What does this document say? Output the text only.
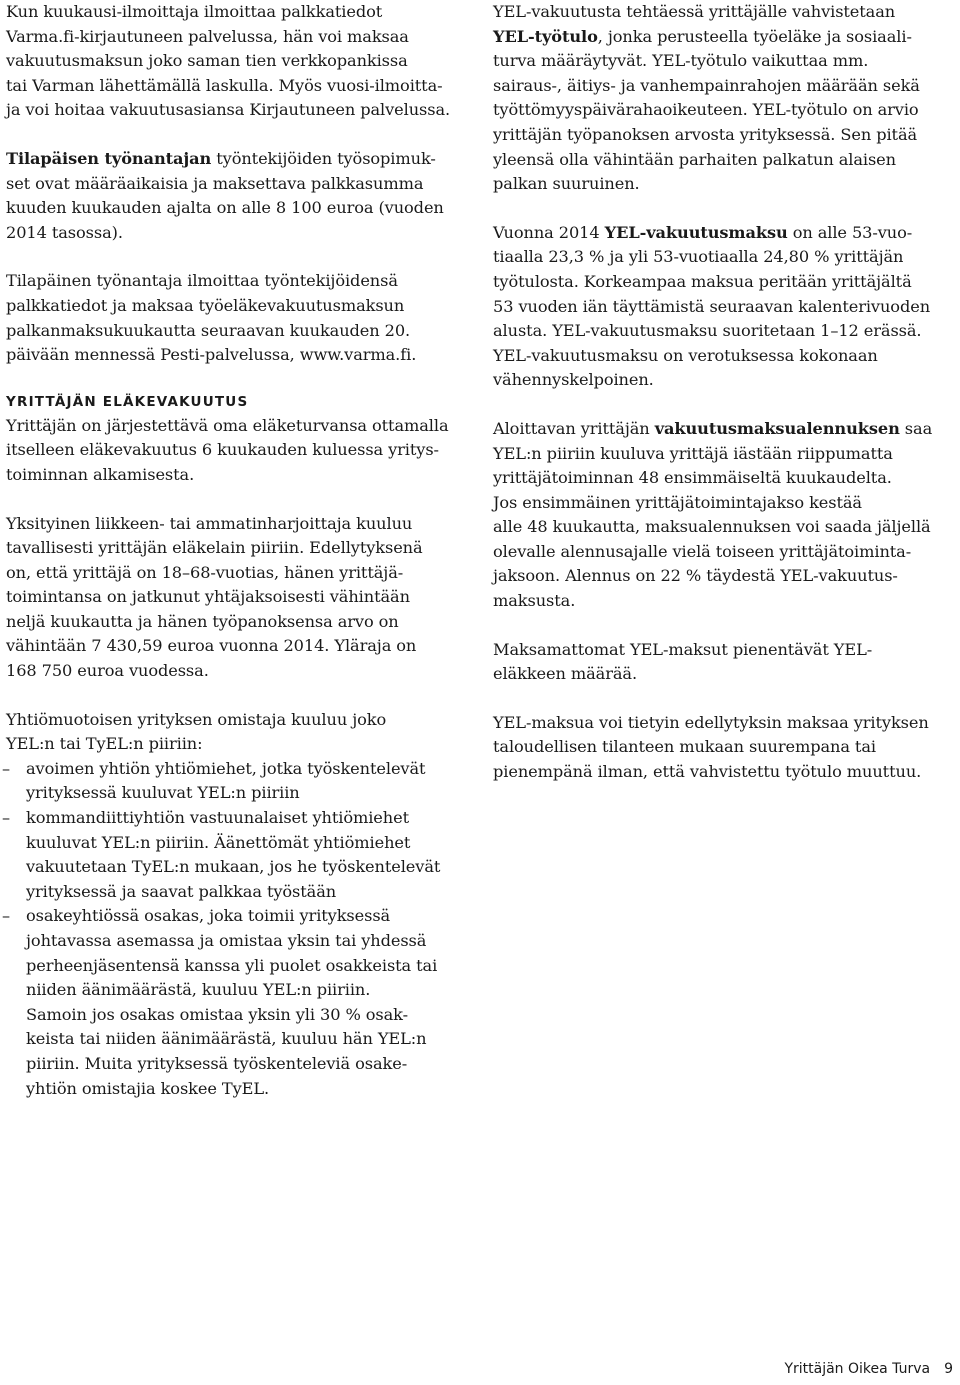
Kun kuukausi-ilmoittaja ilmoittaa palkkatiedot
Varma.fi-kirjautuneen palvelussa, hän voi maksaa
vakuutusmaksun joko saman tien verkkopankissa
tai Varman lähettämällä laskulla. Myös vuosi-ilmoitta-
ja voi hoitaa vakuutusasiansa Kirjautuneen palvelussa.

Tilapäisen työnantajan työntekijöiden työsopimuk-
set ovat määräaikaisia ja maksettava palkkasumma
kuuden kuukauden ajalta on alle 8 100 euroa (vuoden
2014 tasossa).

Tilapäinen työnantaja ilmoittaa työntekijöidensä
palkkatiedot ja maksaa työeläkevakuutusmaksun
palkanmaksukuukautta seuraavan kuukauden 20.
päivään mennessä Pesti-palvelussa, www.varma.fi.

YRITTÄJÄN ELÄKEVAKUUTUS

Yrittäjän on järjestettävä oma eläketurvansa ottamalla
itselleen eläkevakuutus 6 kuukauden kuluessa yritys-
toiminnan alkamisesta.

Yksityinen liikkeen- tai ammatinharjoittaja kuuluu
tavallisesti yrittäjän eläkelain piiriin. Edellytyksenä
on, että yrittäjä on 18–68-vuotias, hänen yrittäjä-
toimintansa on jatkunut yhtäjaksoisesti vähintään
neljä kuukautta ja hänen työpanoksensa arvo on
vähintään 7 430,59 euroa vuonna 2014. Yläraja on
168 750 euroa vuodessa.

Yhtiömuotoisen yrityksen omistaja kuuluu joko
YEL:n tai TyEL:n piiriin:
– avoimen yhtiön yhtiömiehet, jotka työskentelevät
yrityksessä kuuluvat YEL:n piiriin
– kommandiittiyhtiön vastuunalaiset yhtiömiehet
kuuluvat YEL:n piiriin. Äänettömät yhtiömiehet
vakuutetaan TyEL:n mukaan, jos he työskentelevät
yrityksessä ja saavat palkkaa työstään
– osakeyhtiössä osakas, joka toimii yrityksessä
johtavassa asemassa ja omistaa yksin tai yhdessä
perheenjäsentensä kanssa yli puolet osakkeista tai
niiden äänimäärästä, kuuluu YEL:n piiriin.
Samoin jos osakas omistaa yksin yli 30 % osak-
keista tai niiden äänimäärästä, kuuluu hän YEL:n
piiriin. Muita yrityksessä työskenteleviä osake-
yhtiön omistajia koskee TyEL.

YEL-vakuutusta tehtäessä yrittäjälle vahvistetaan
YEL-työtulo, jonka perusteella työeläke ja sosiaali-
turva määräytyvät. YEL-työtulo vaikuttaa mm.
sairaus-, äitiys- ja vanhempainrahojen määrään sekä
työttömyyspäivärahaoikeuteen. YEL-työtulo on arvio
yrittäjän työpanoksen arvosta yrityksessä. Sen pitää
yleensä olla vähintään parhaiten palkatun alaisen
palkan suuruinen.

Vuonna 2014 YEL-vakuutusmaksu on alle 53-vuo-
tiaalla 23,3 % ja yli 53-vuotiaalla 24,80 % yrittäjän
työtulosta. Korkeampaa maksua peritään yrittäjältä
53 vuoden iän täyttämistä seuraavan kalenterivuoden
alusta. YEL-vakuutusmaksu suoritetaan 1–12 erässä.
YEL-vakuutusmaksu on verotuksessa kokonaan
vähennyskelpoinen.

Aloittavan yrittäjän vakuutusmaksualennuksen saa
YEL:n piiriin kuuluva yrittäjä iästään riippumatta
yrittäjätoiminnan 48 ensimmäiseltä kuukaudelta.
Jos ensimmäinen yrittäjätoimintajakso kestää
alle 48 kuukautta, maksualennuksen voi saada jäljellä
olevalle alennusajalle vielä toiseen yrittäjätoiminta-
jaksoon. Alennus on 22 % täydestä YEL-vakuutus-
maksusta.

Maksamattomat YEL-maksut pienentävät YEL-
eläkkeen määrää.

YEL-maksua voi tietyin edellytyksin maksaa yrityksen
taloudellisen tilanteen mukaan suurempana tai
pienempänä ilman, että vahvistettu työtulo muuttuu.

Yrittäjän Oikea Turva 9
